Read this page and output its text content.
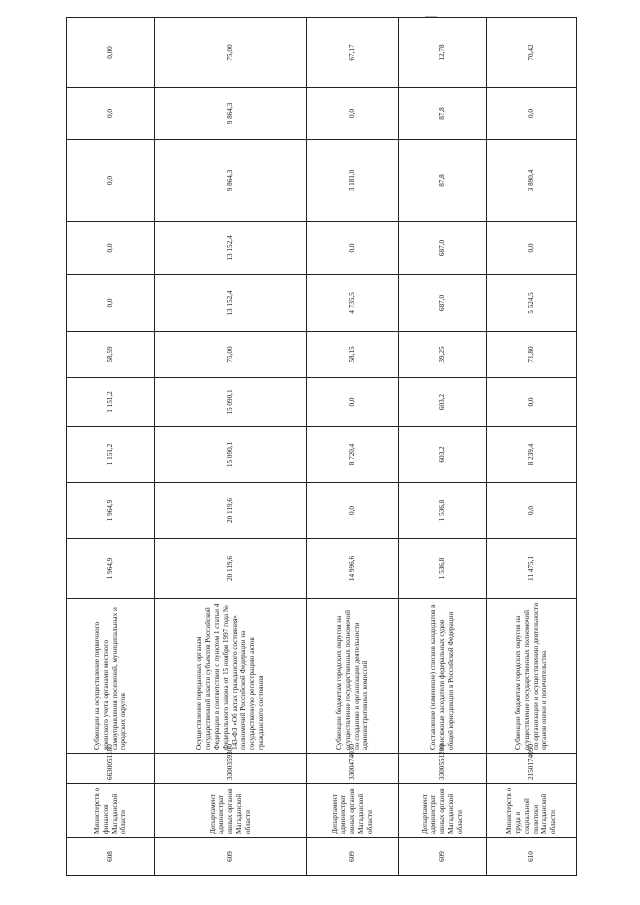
608	Министерств о финансов Магаданской области	6630051180	Субвенции на осуществление первичного воинского учета органами местного самоуправления поселений, муниципальных и городских округов	1 964,9	1 964,9	1 151,2	1 151,2	58,59	0,0	0,0	0,0	0,0	0,00
609	Департамент администрат ивных органов Магаданской области	3300359300	Осуществление переданных органам государственной власти субъектов Российской Федерации в соответствии с пунктом 1 статьи 4 Федерального закона от 15 ноября 1997 года № 143-ФЗ «Об актах гражданского состояния» полномочий Российской Федерации на государственную регистрацию актов гражданского состояния	20 119,6	20 119,6	15 090,1	15 090,1	75,00	13 152,4	13 152,4	9 864,3	9 864,3	75,00
609	Департамент администрат ивных органов Магаданской области	3300474030	Субвенции бюджетам городских округов на осуществление государственных полномочий по созданию и организации деятельности административных комиссий	14 996,6	0,0	8 720,4	0,0	58,15	4 735,5	0,0	3 181,0	0,0	67,17
609	Департамент администрат ивных органов Магаданской области	3300551200	Составление (изменение) списков кандидатов в присяжные заседатели федеральных судов общей юрисдикции в Российской Федерации	1 536,8	1 536,8	603,2	603,2	39,25	687,0	687,0	87,8	87,8	12,78
610	Министерств о труда и социальной политики Магаданской области	2150174090	Субвенции бюджетам городских округов на осуществление государственных полномочий по организации и осуществлению деятельности органов опеки и попечительства	11 475,1	0,0	8 239,4	0,0	71,80	5 524,5	0,0	3 890,4	0,0	70,42
